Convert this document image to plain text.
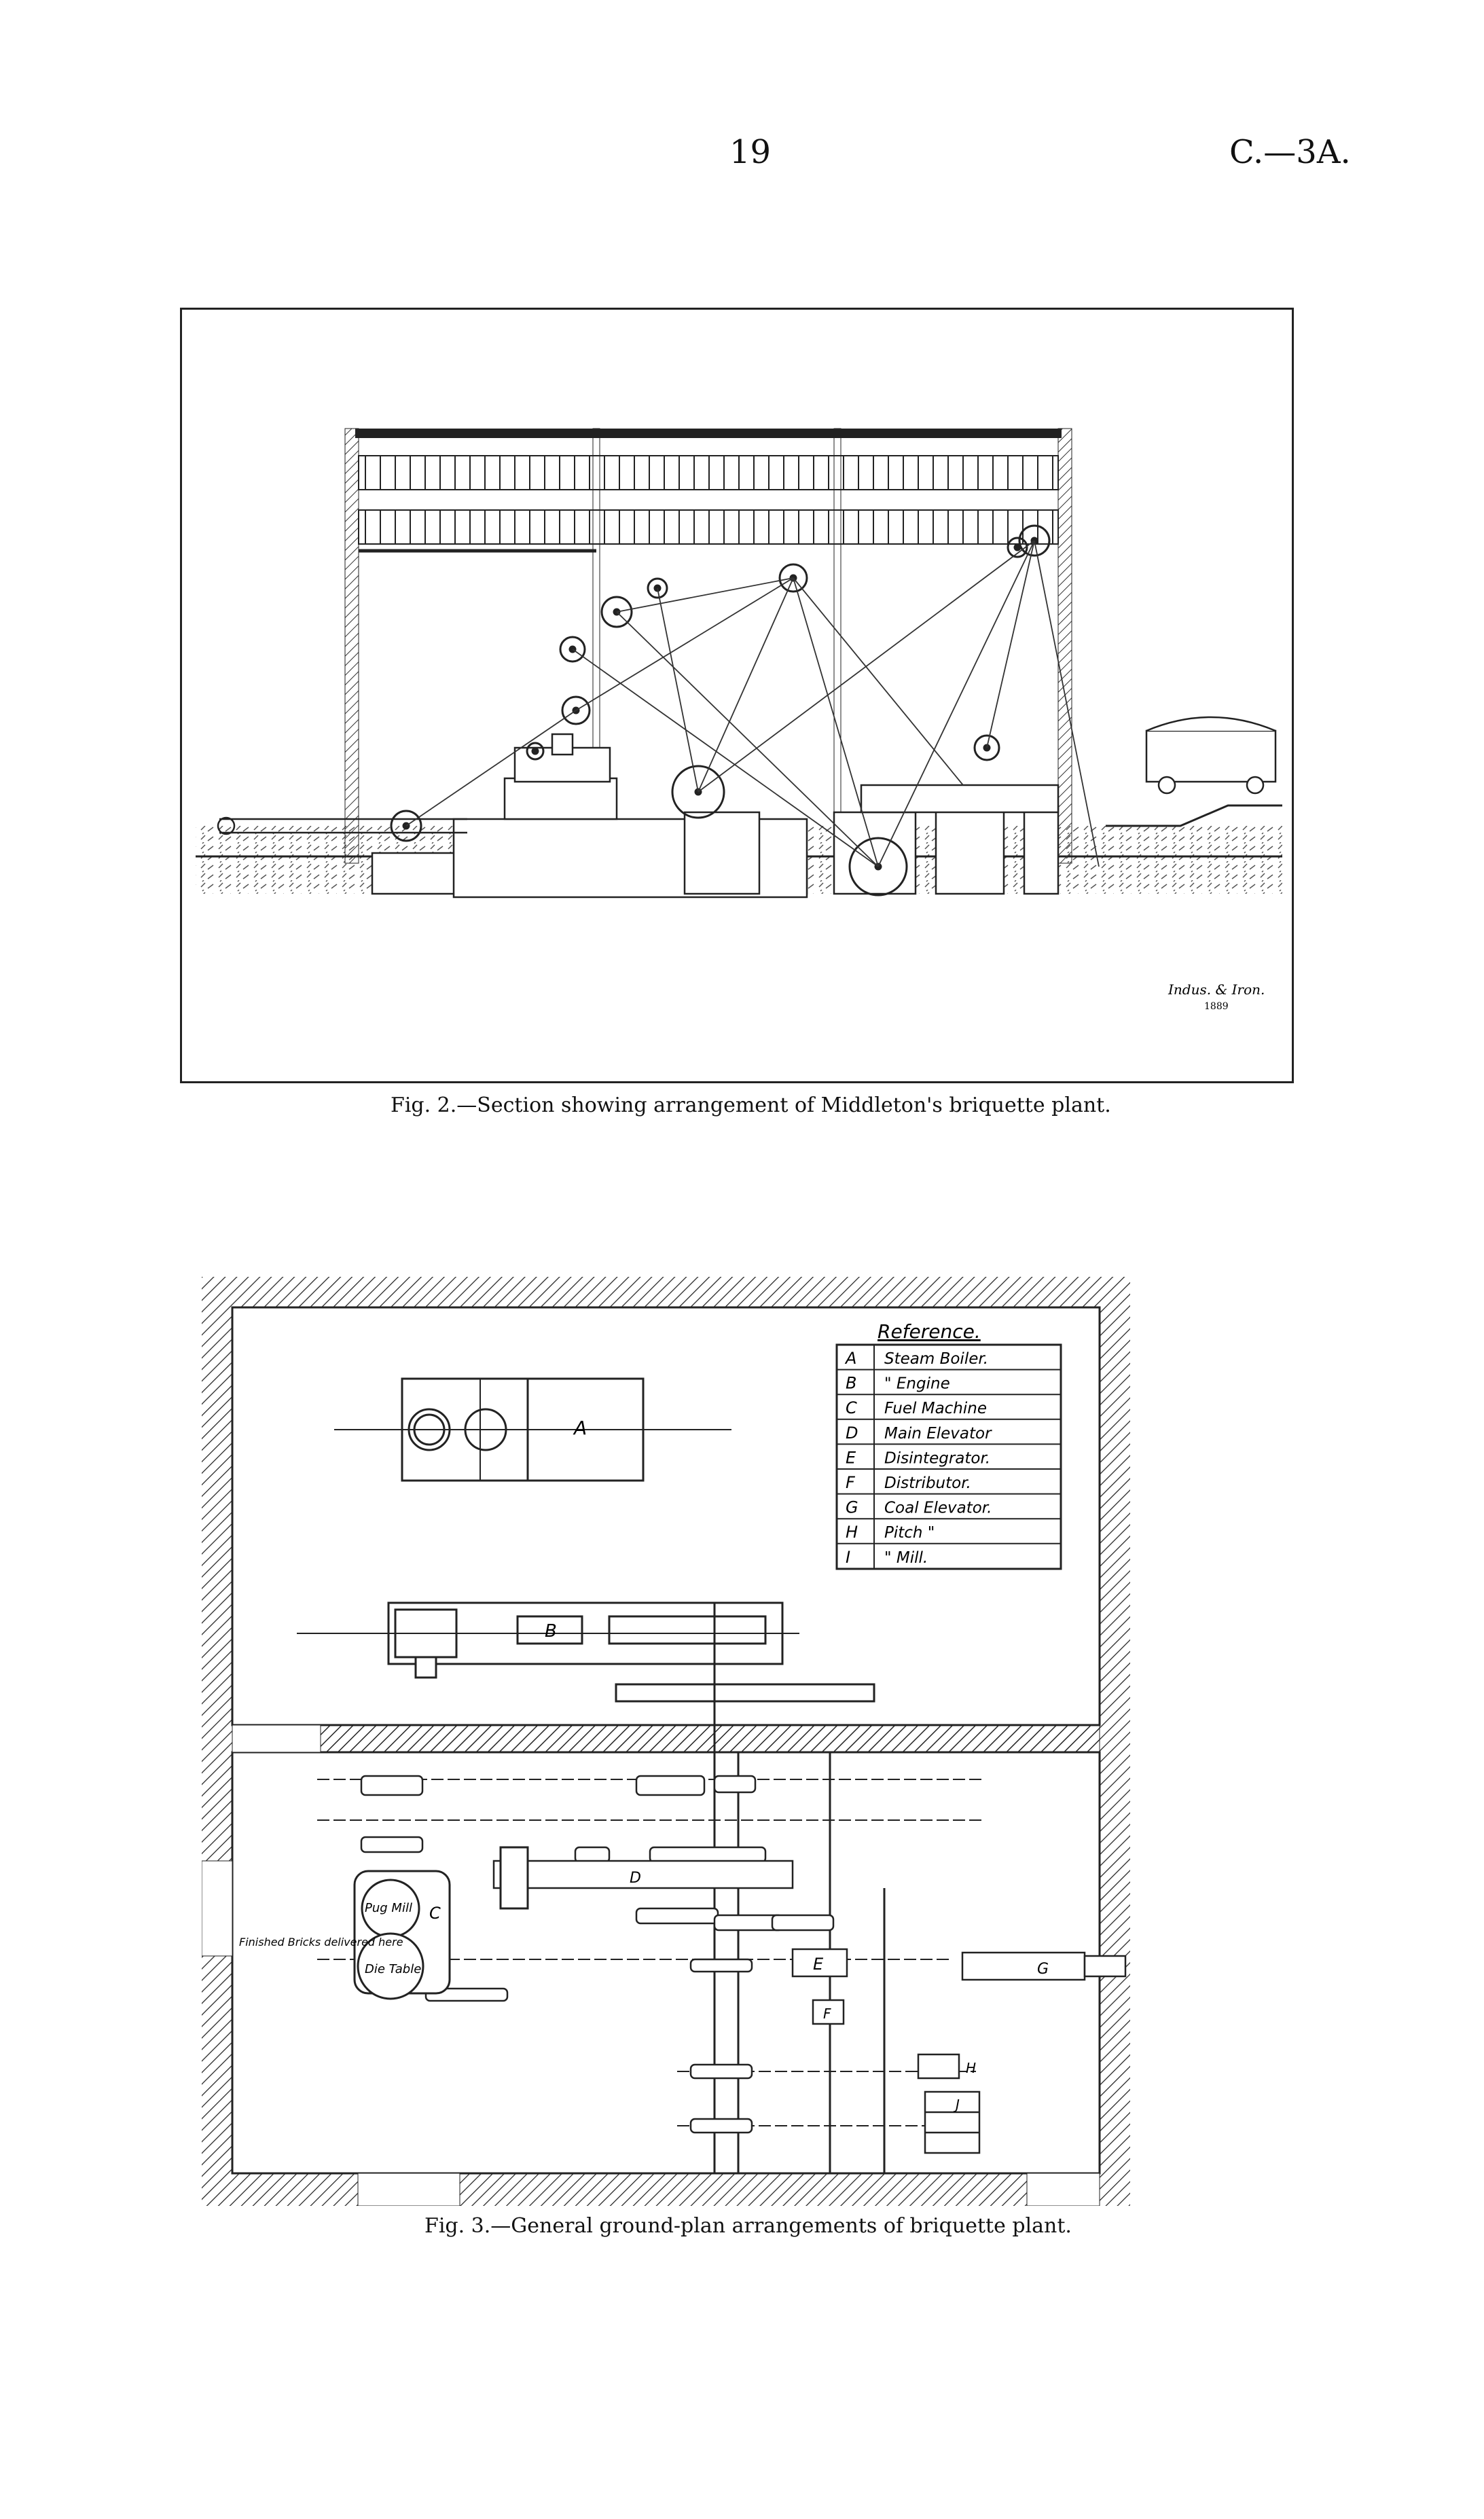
19	C.—3A.
Indus. & Iron.
1889
Fig. 2.—Section showing arrangement of Middleton's briquette plant.
A
B
Reference.
A Steam Boiler.
B " Engine
C Fuel Machine
D Main Elevator
E Disintegrator.
F Distributor.
G Coal Elevator.
H Pitch "
I " Mill.
D
Pug Mill
Die Table
C
Finished Bricks delivered here
E
F
G
H
J
Fig. 3.—General ground-plan arrangements of briquette plant.
